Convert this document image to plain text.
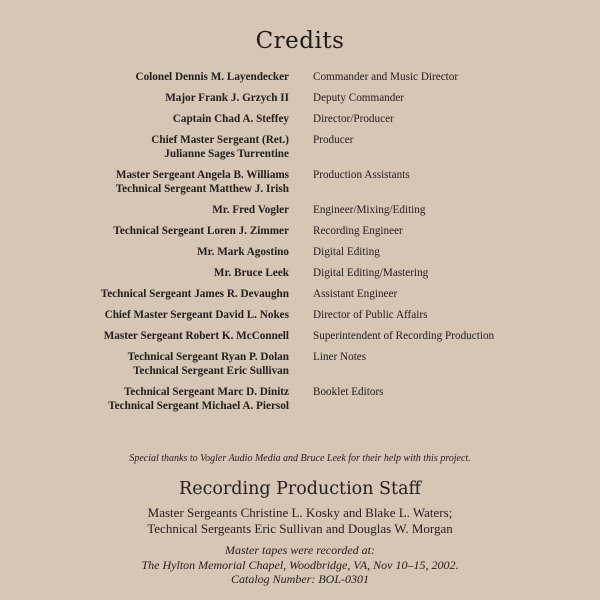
Credits
Colonel Dennis M. Layendecker Commander and Music Director
Major Frank J. Grzych II Deputy Commander
Captain Chad A. Steffey Director/Producer
Chief Master Sergeant (Ret.)
Julianne Sages Turrentine
Producer
Master Sergeant Angela B. Williams
Technical Sergeant Matthew J. Irish
Production Assistants
Mr. Fred Vogler Engineer/Mixing/Editing
Technical Sergeant Loren J. Zimmer Recording Engineer
Mr. Mark Agostino Digital Editing
Mr. Bruce Leek Digital Editing/Mastering
Technical Sergeant James R. Devaughn Assistant Engineer
Chief Master Sergeant David L. Nokes Director of Public Affairs
Master Sergeant Robert K. McConnell Superintendent of Recording Production
Technical Sergeant Ryan P. Dolan
Technical Sergeant Eric Sullivan
Liner Notes
Technical Sergeant Marc D. Dinitz
Technical Sergeant Michael A. Piersol
Booklet Editors

Special thanks to Vogler Audio Media and Bruce Leek for their help with this project.

Recording Production Staff
Master Sergeants Christine L. Kosky and Blake L. Waters;
Technical Sergeants Eric Sullivan and Douglas W. Morgan
Master tapes were recorded at:
The Hylton Memorial Chapel, Woodbridge, VA, Nov 10–15, 2002.
Catalog Number: BOL-0301
